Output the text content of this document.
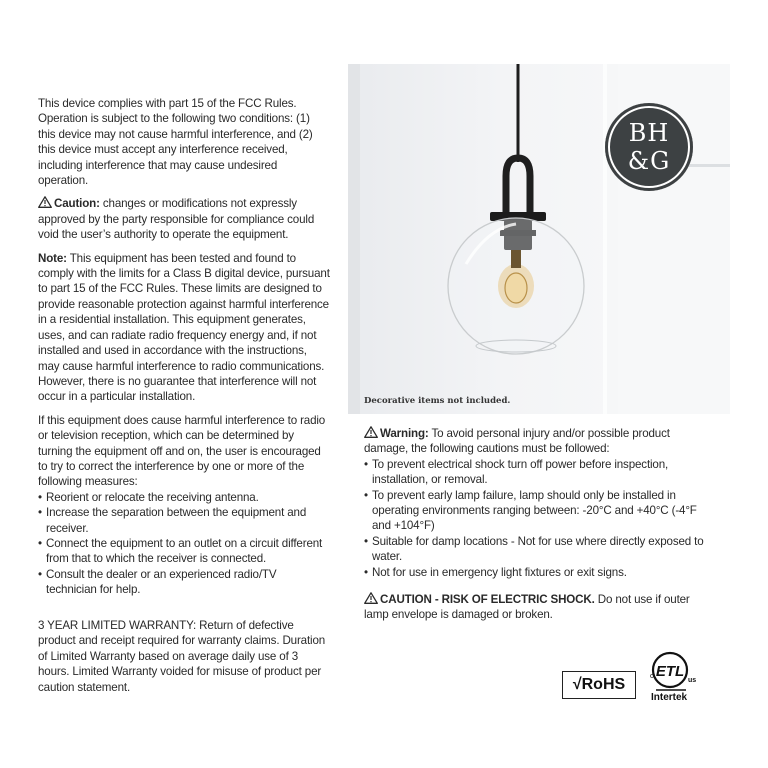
This device complies with part 15 of the FCC Rules. Operation is subject to the following two conditions: (1) this device may not cause harmful interference, and (2) this device must accept any interference received, including interference that may cause undesired operation.

Caution: changes or modifications not expressly approved by the party responsible for compliance could void the user’s authority to operate the equipment.

Note: This equipment has been tested and found to comply with the limits for a Class B digital device, pursuant to part 15 of the FCC Rules. These limits are designed to provide reasonable protection against harmful interference in a residential installation. This equipment generates, uses, and can radiate radio frequency energy and, if not installed and used in accordance with the instructions, may cause harmful interference to radio communications. However, there is no guarantee that interference will not occur in a particular installation.

If this equipment does cause harmful interference to radio or television reception, which can be determined by turning the equipment off and on, the user is encouraged to try to correct the interference by one or more of the following measures:

• Reorient or relocate the receiving antenna.
• Increase the separation between the equipment and receiver.
• Connect the equipment to an outlet on a circuit different from that to which the receiver is connected.
• Consult the dealer or an experienced radio/TV technician for help.
3 YEAR LIMITED WARRANTY: Return of defective product and receipt required for warranty claims. Duration of Limited Warranty based on average daily use of 3 hours. Limited Warranty voided for misuse of product per caution statement.
BH
&G
Decorative items not included.

Warning: To avoid personal injury and/or possible product damage, the following cautions must be followed:

• To prevent electrical shock turn off power before inspection, installation, or removal.
• To prevent early lamp failure, lamp should only be installed in operating environments ranging between: -20°C and +40°C (-4°F and +104°F)
• Suitable for damp locations - Not for use where directly exposed to water.
• Not for use in emergency light fixtures or exit signs.

CAUTION - RISK OF ELECTRIC SHOCK. Do not use if outer lamp envelope is damaged or broken.

√RoHS
ETL
c
us
Intertek
